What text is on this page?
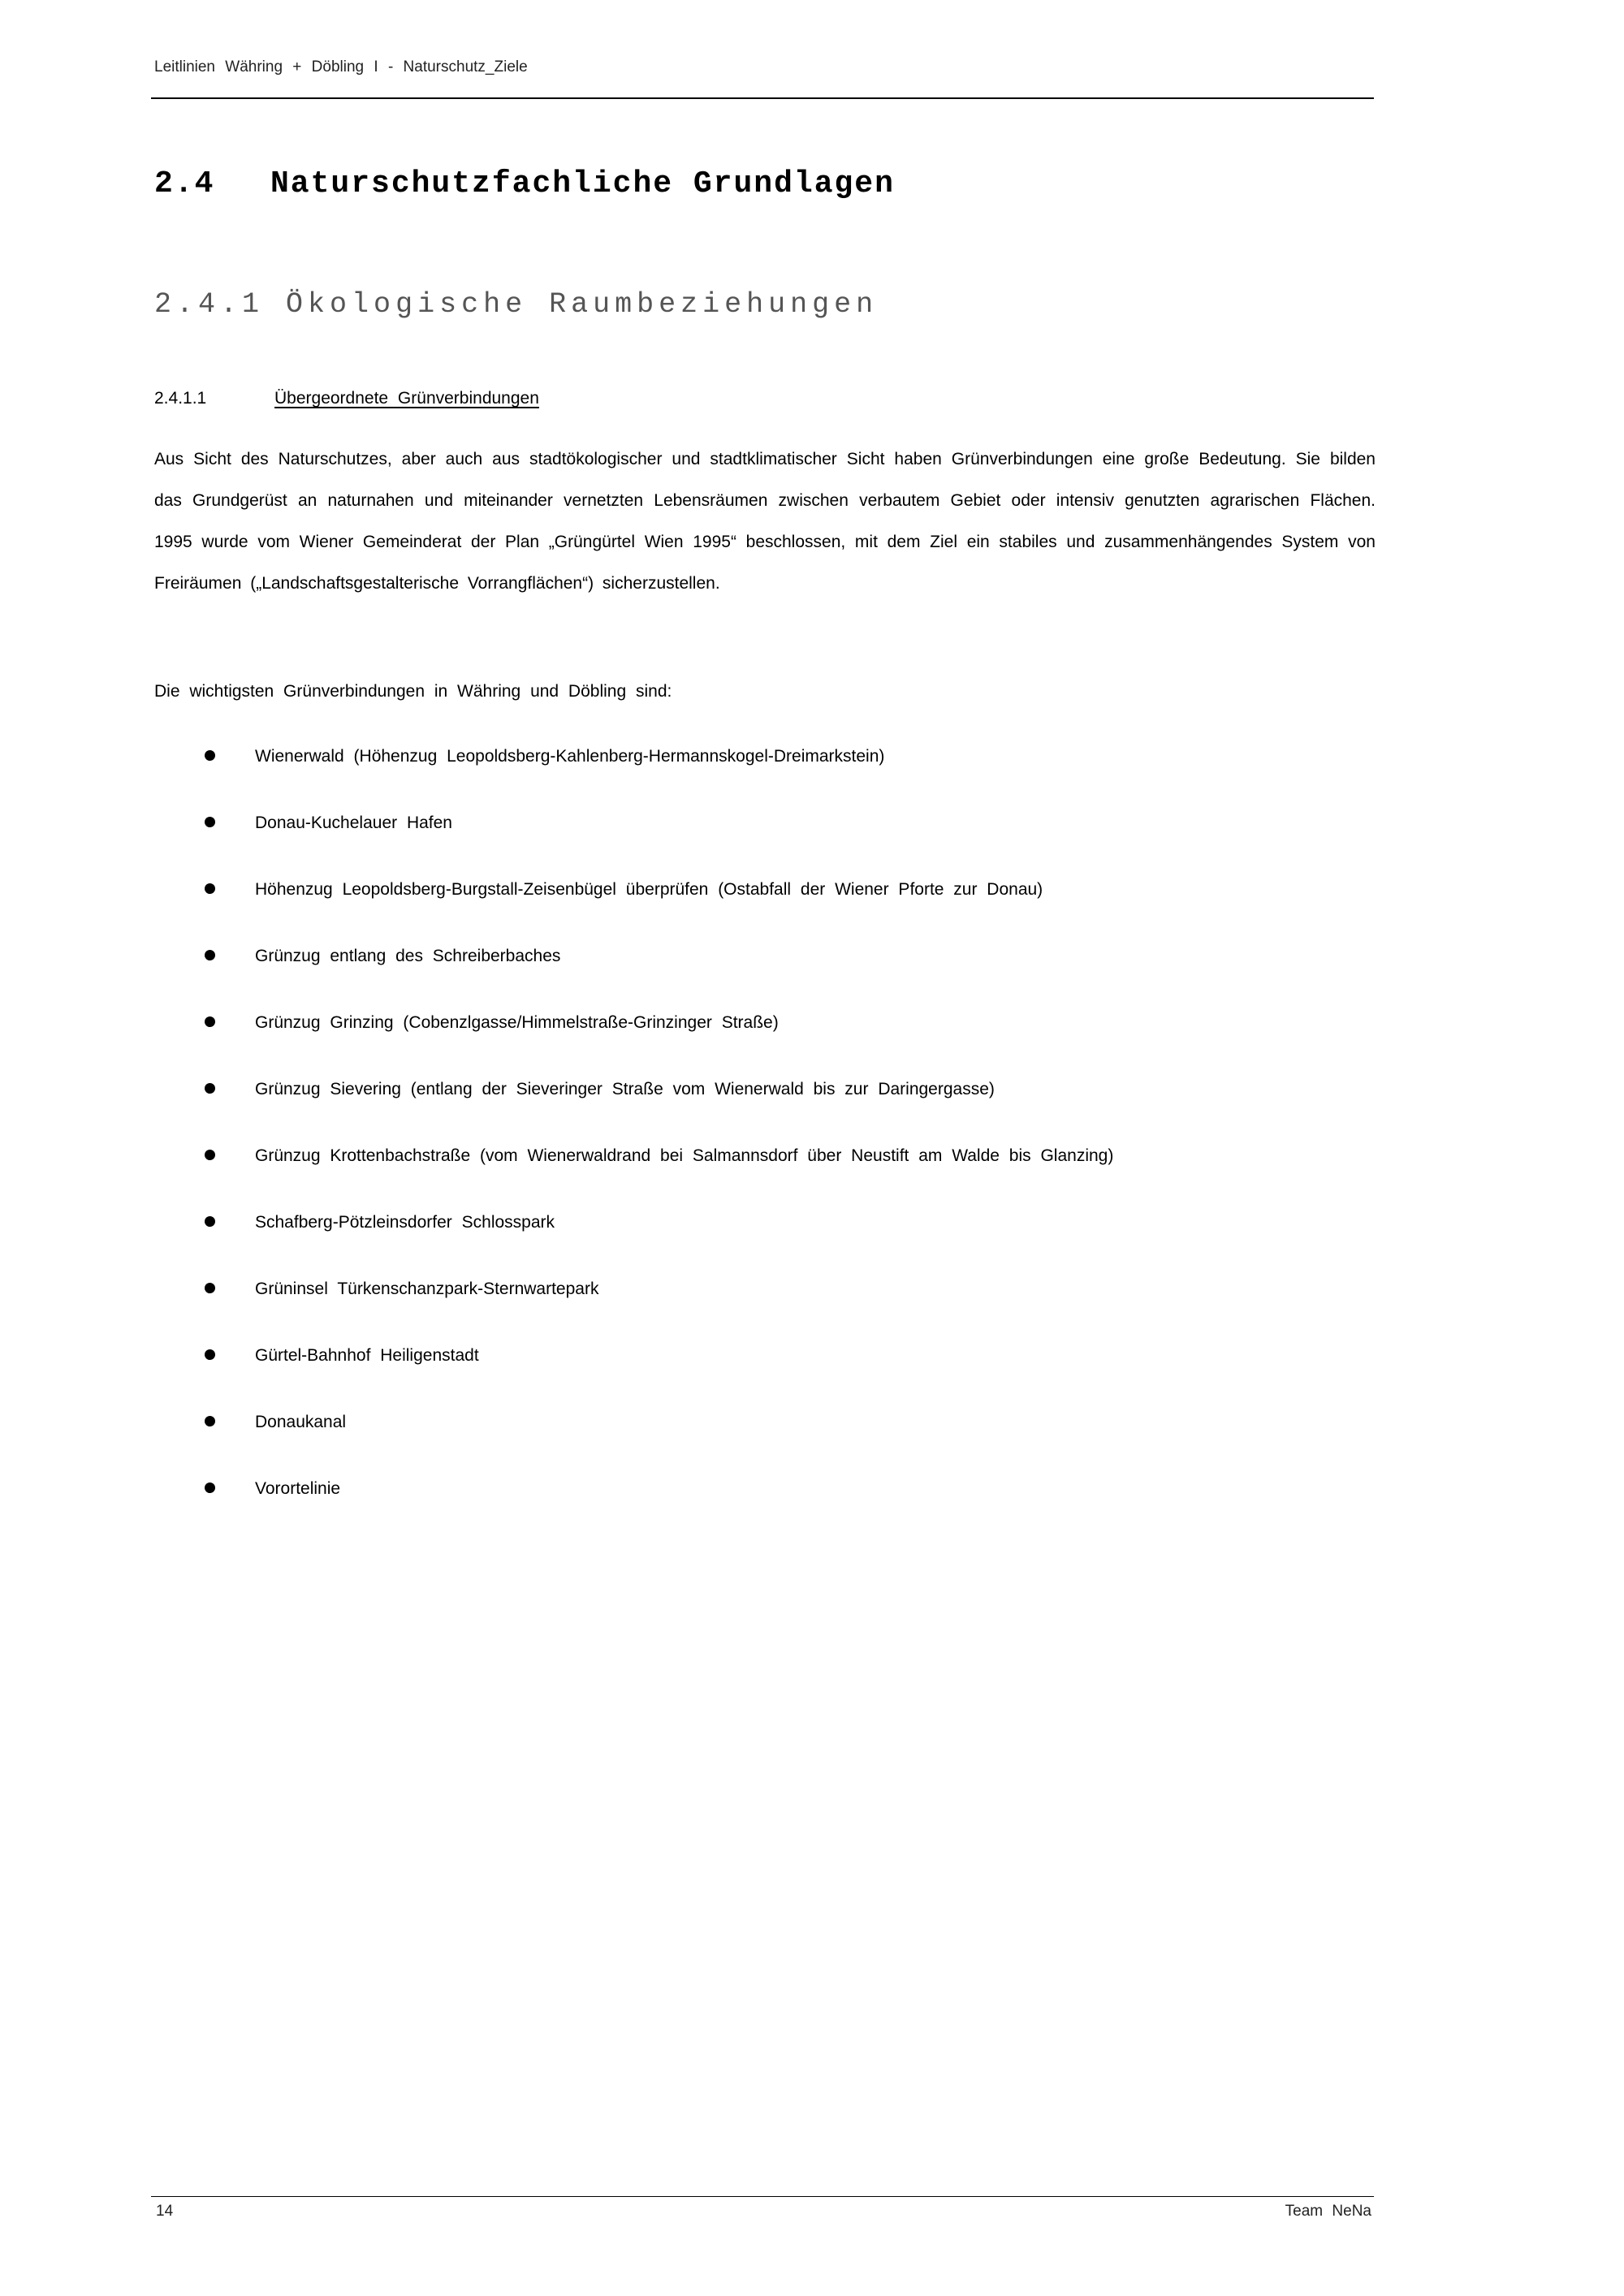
Leitlinien Währing + Döbling I - Naturschutz_Ziele
2.4 Naturschutzfachliche Grundlagen
2.4.1 Ökologische Raumbeziehungen
2.4.1.1	Übergeordnete Grünverbindungen

Aus Sicht des Naturschutzes, aber auch aus stadtökologischer und stadtklimatischer Sicht haben Grünverbindungen eine große Bedeutung. Sie bilden das Grundgerüst an naturnahen und miteinander vernetzten Lebensräumen zwischen verbautem Gebiet oder intensiv genutzten agrarischen Flächen. 1995 wurde vom Wiener Gemeinderat der Plan „Grüngürtel Wien 1995“ beschlossen, mit dem Ziel ein stabiles und zusammenhängendes System von Freiräumen („Landschaftsgestalterische Vorrangflächen“) sicherzustellen.

Die wichtigsten Grünverbindungen in Währing und Döbling sind:
Wienerwald (Höhenzug Leopoldsberg-Kahlenberg-Hermannskogel-Dreimarkstein)
Donau-Kuchelauer Hafen
Höhenzug Leopoldsberg-Burgstall-Zeisenbügel überprüfen (Ostabfall der Wiener Pforte zur Donau)
Grünzug entlang des Schreiberbaches
Grünzug Grinzing (Cobenzlgasse/Himmelstraße-Grinzinger Straße)
Grünzug Sievering (entlang der Sieveringer Straße vom Wienerwald bis zur Daringergasse)
Grünzug Krottenbachstraße (vom Wienerwaldrand bei Salmannsdorf über Neustift am Walde bis Glanzing)
Schafberg-Pötzleinsdorfer Schlosspark
Grüninsel Türkenschanzpark-Sternwartepark
Gürtel-Bahnhof Heiligenstadt
Donaukanal
Vorortelinie
14	Team NeNa
